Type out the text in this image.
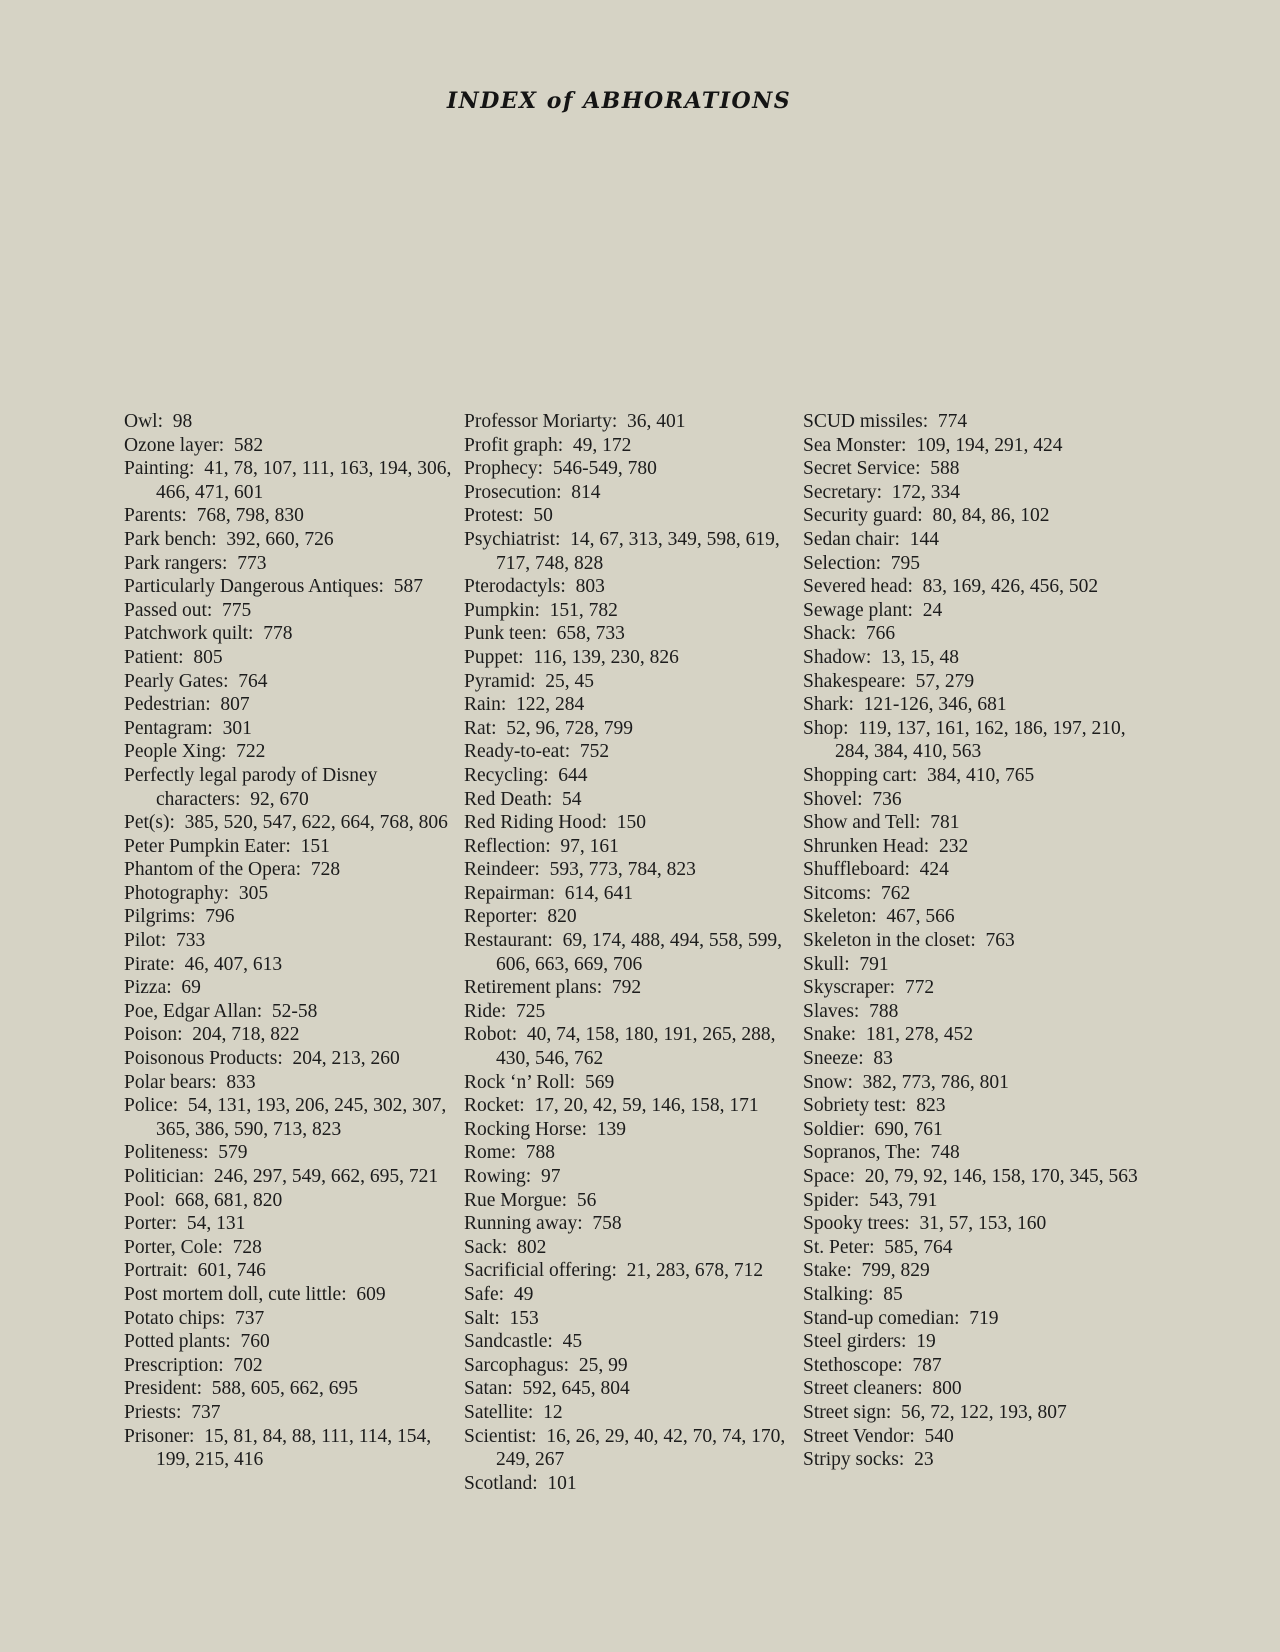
INDEX of ABHORATIONS
Owl : 98
Ozone layer : 582
Painting : 41, 78, 107, 111, 163, 194, 306, 466, 471, 601
Parents : 768, 798, 830
Park bench : 392, 660, 726
Park rangers : 773
Particularly Dangerous Antiques : 587
Passed out : 775
Patchwork quilt : 778
Patient : 805
Pearly Gates : 764
Pedestrian : 807
Pentagram : 301
People Xing : 722
Perfectly legal parody of Disney characters : 92, 670
Pet(s) : 385, 520, 547, 622, 664, 768, 806
Peter Pumpkin Eater : 151
Phantom of the Opera : 728
Photography : 305
Pilgrims : 796
Pilot : 733
Pirate : 46, 407, 613
Pizza : 69
Poe, Edgar Allan : 52-58
Poison : 204, 718, 822
Poisonous Products : 204, 213, 260
Polar bears : 833
Police : 54, 131, 193, 206, 245, 302, 307, 365, 386, 590, 713, 823
Politeness : 579
Politician : 246, 297, 549, 662, 695, 721
Pool : 668, 681, 820
Porter : 54, 131
Porter, Cole : 728
Portrait : 601, 746
Post mortem doll, cute little : 609
Potato chips : 737
Potted plants : 760
Prescription : 702
President : 588, 605, 662, 695
Priests : 737
Prisoner : 15, 81, 84, 88, 111, 114, 154, 199, 215, 416
Professor Moriarty : 36, 401
Profit graph : 49, 172
Prophecy : 546-549, 780
Prosecution : 814
Protest : 50
Psychiatrist : 14, 67, 313, 349, 598, 619, 717, 748, 828
Pterodactyls : 803
Pumpkin : 151, 782
Punk teen : 658, 733
Puppet : 116, 139, 230, 826
Pyramid : 25, 45
Rain : 122, 284
Rat : 52, 96, 728, 799
Ready-to-eat : 752
Recycling : 644
Red Death : 54
Red Riding Hood : 150
Reflection : 97, 161
Reindeer : 593, 773, 784, 823
Repairman : 614, 641
Reporter : 820
Restaurant : 69, 174, 488, 494, 558, 599, 606, 663, 669, 706
Retirement plans : 792
Ride : 725
Robot : 40, 74, 158, 180, 191, 265, 288, 430, 546, 762
Rock ‘n’ Roll : 569
Rocket : 17, 20, 42, 59, 146, 158, 171
Rocking Horse : 139
Rome : 788
Rowing : 97
Rue Morgue : 56
Running away : 758
Sack : 802
Sacrificial offering : 21, 283, 678, 712
Safe : 49
Salt : 153
Sandcastle : 45
Sarcophagus : 25, 99
Satan : 592, 645, 804
Satellite : 12
Scientist : 16, 26, 29, 40, 42, 70, 74, 170, 249, 267
Scotland : 101
SCUD missiles : 774
Sea Monster : 109, 194, 291, 424
Secret Service : 588
Secretary : 172, 334
Security guard : 80, 84, 86, 102
Sedan chair : 144
Selection : 795
Severed head : 83, 169, 426, 456, 502
Sewage plant : 24
Shack : 766
Shadow : 13, 15, 48
Shakespeare : 57, 279
Shark : 121-126, 346, 681
Shop : 119, 137, 161, 162, 186, 197, 210, 284, 384, 410, 563
Shopping cart : 384, 410, 765
Shovel : 736
Show and Tell : 781
Shrunken Head : 232
Shuffleboard : 424
Sitcoms : 762
Skeleton : 467, 566
Skeleton in the closet : 763
Skull : 791
Skyscraper : 772
Slaves : 788
Snake : 181, 278, 452
Sneeze : 83
Snow : 382, 773, 786, 801
Sobriety test : 823
Soldier : 690, 761
Sopranos, The : 748
Space : 20, 79, 92, 146, 158, 170, 345, 563
Spider : 543, 791
Spooky trees : 31, 57, 153, 160
St. Peter : 585, 764
Stake : 799, 829
Stalking : 85
Stand-up comedian : 719
Steel girders : 19
Stethoscope : 787
Street cleaners : 800
Street sign : 56, 72, 122, 193, 807
Street Vendor : 540
Stripy socks : 23
